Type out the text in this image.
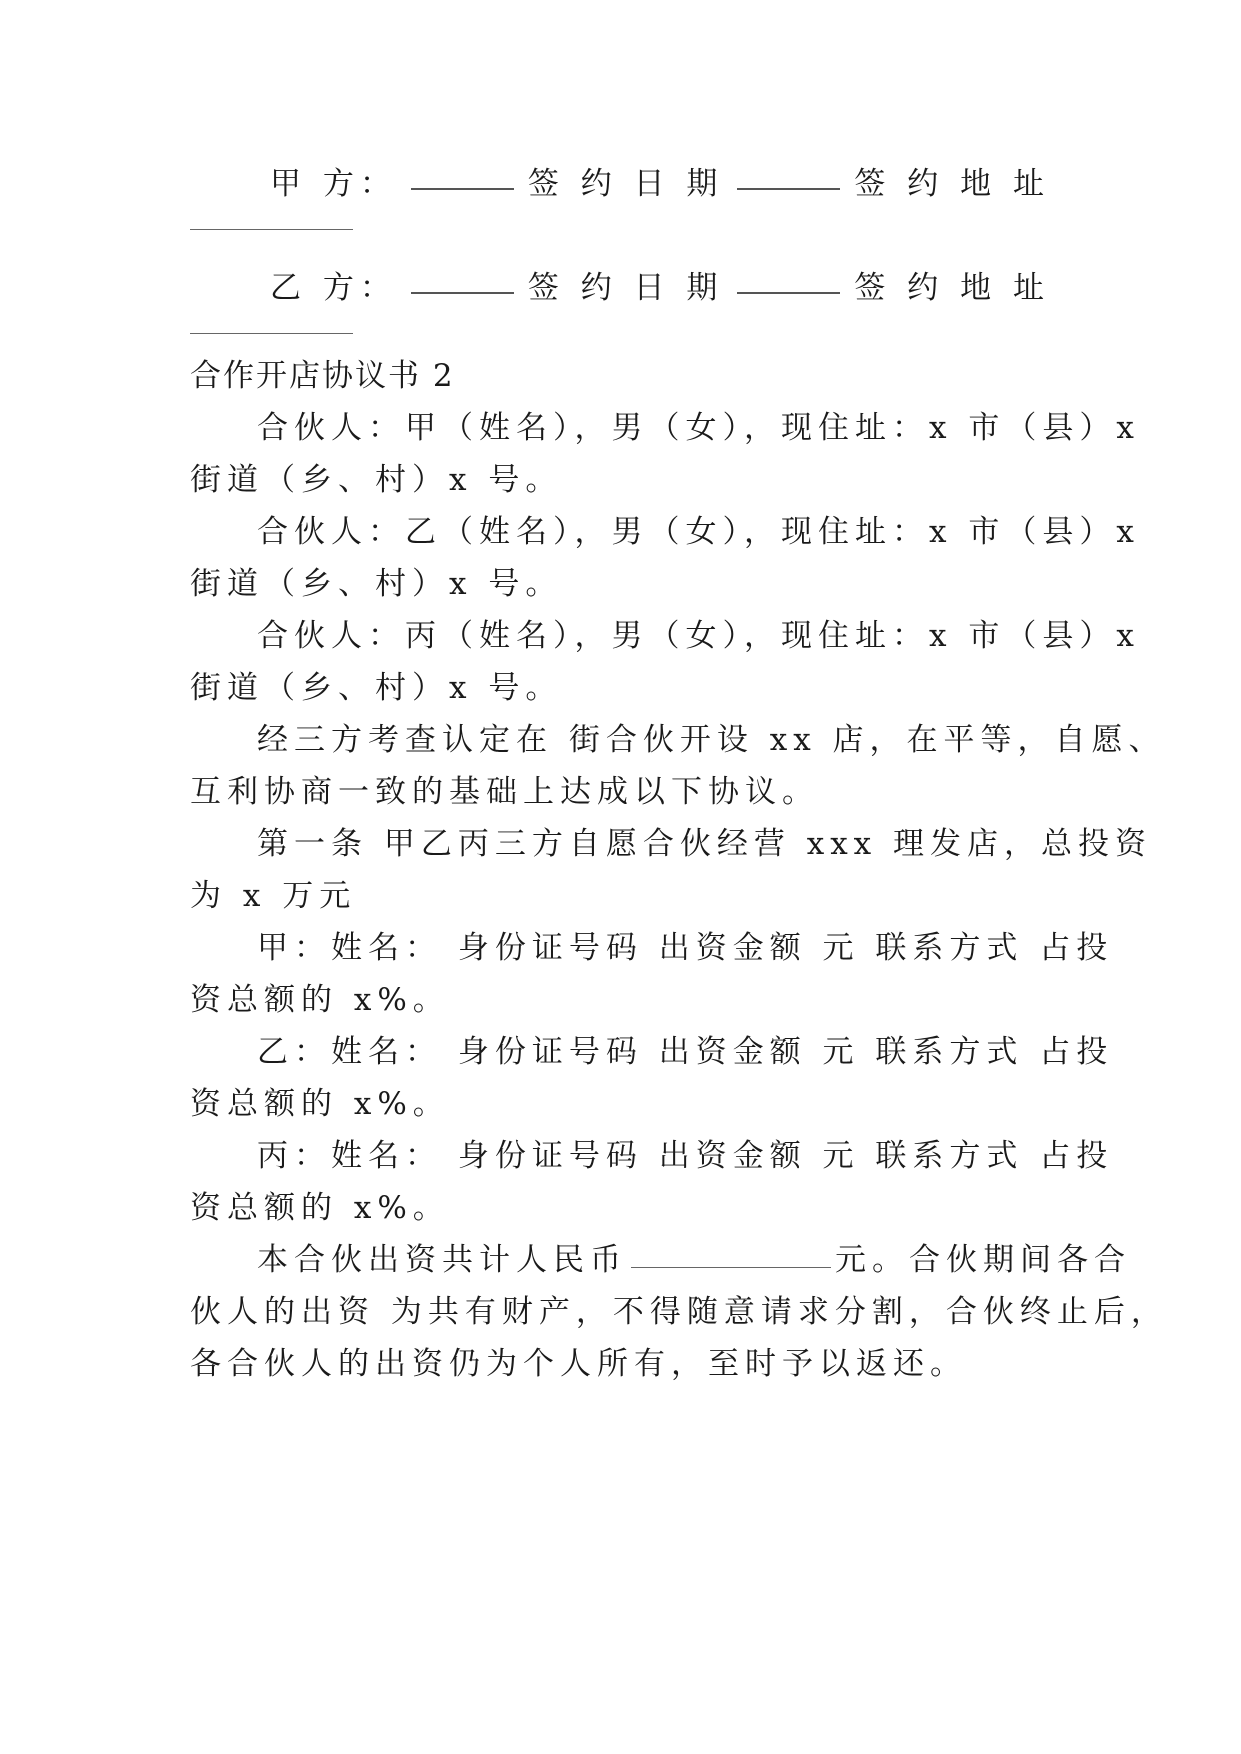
甲 方：	签 约 日 期	签 约 地 址
乙 方：	签 约 日 期	签 约 地 址

合作开店协议书 2

合伙人：甲（姓名），男（女），现住址：x 市（县）x

街道（乡、村）x 号。

合伙人：乙（姓名），男（女），现住址：x 市（县）x

街道（乡、村）x 号。

合伙人：丙（姓名），男（女），现住址：x 市（县）x

街道（乡、村）x 号。

经三方考查认定在 街合伙开设 xx 店，在平等，自愿、

互利协商一致的基础上达成以下协议。

第一条 甲乙丙三方自愿合伙经营 xxx 理发店，总投资

为 x 万元

甲：姓名： 身份证号码 出资金额 元 联系方式 占投

资总额的 x%。

乙：姓名： 身份证号码 出资金额 元 联系方式 占投

资总额的 x%。

丙：姓名： 身份证号码 出资金额 元 联系方式 占投

资总额的 x%。

本合伙出资共计人民币	元。合伙期间各合

伙人的出资 为共有财产，不得随意请求分割，合伙终止后，

各合伙人的出资仍为个人所有，至时予以返还。
